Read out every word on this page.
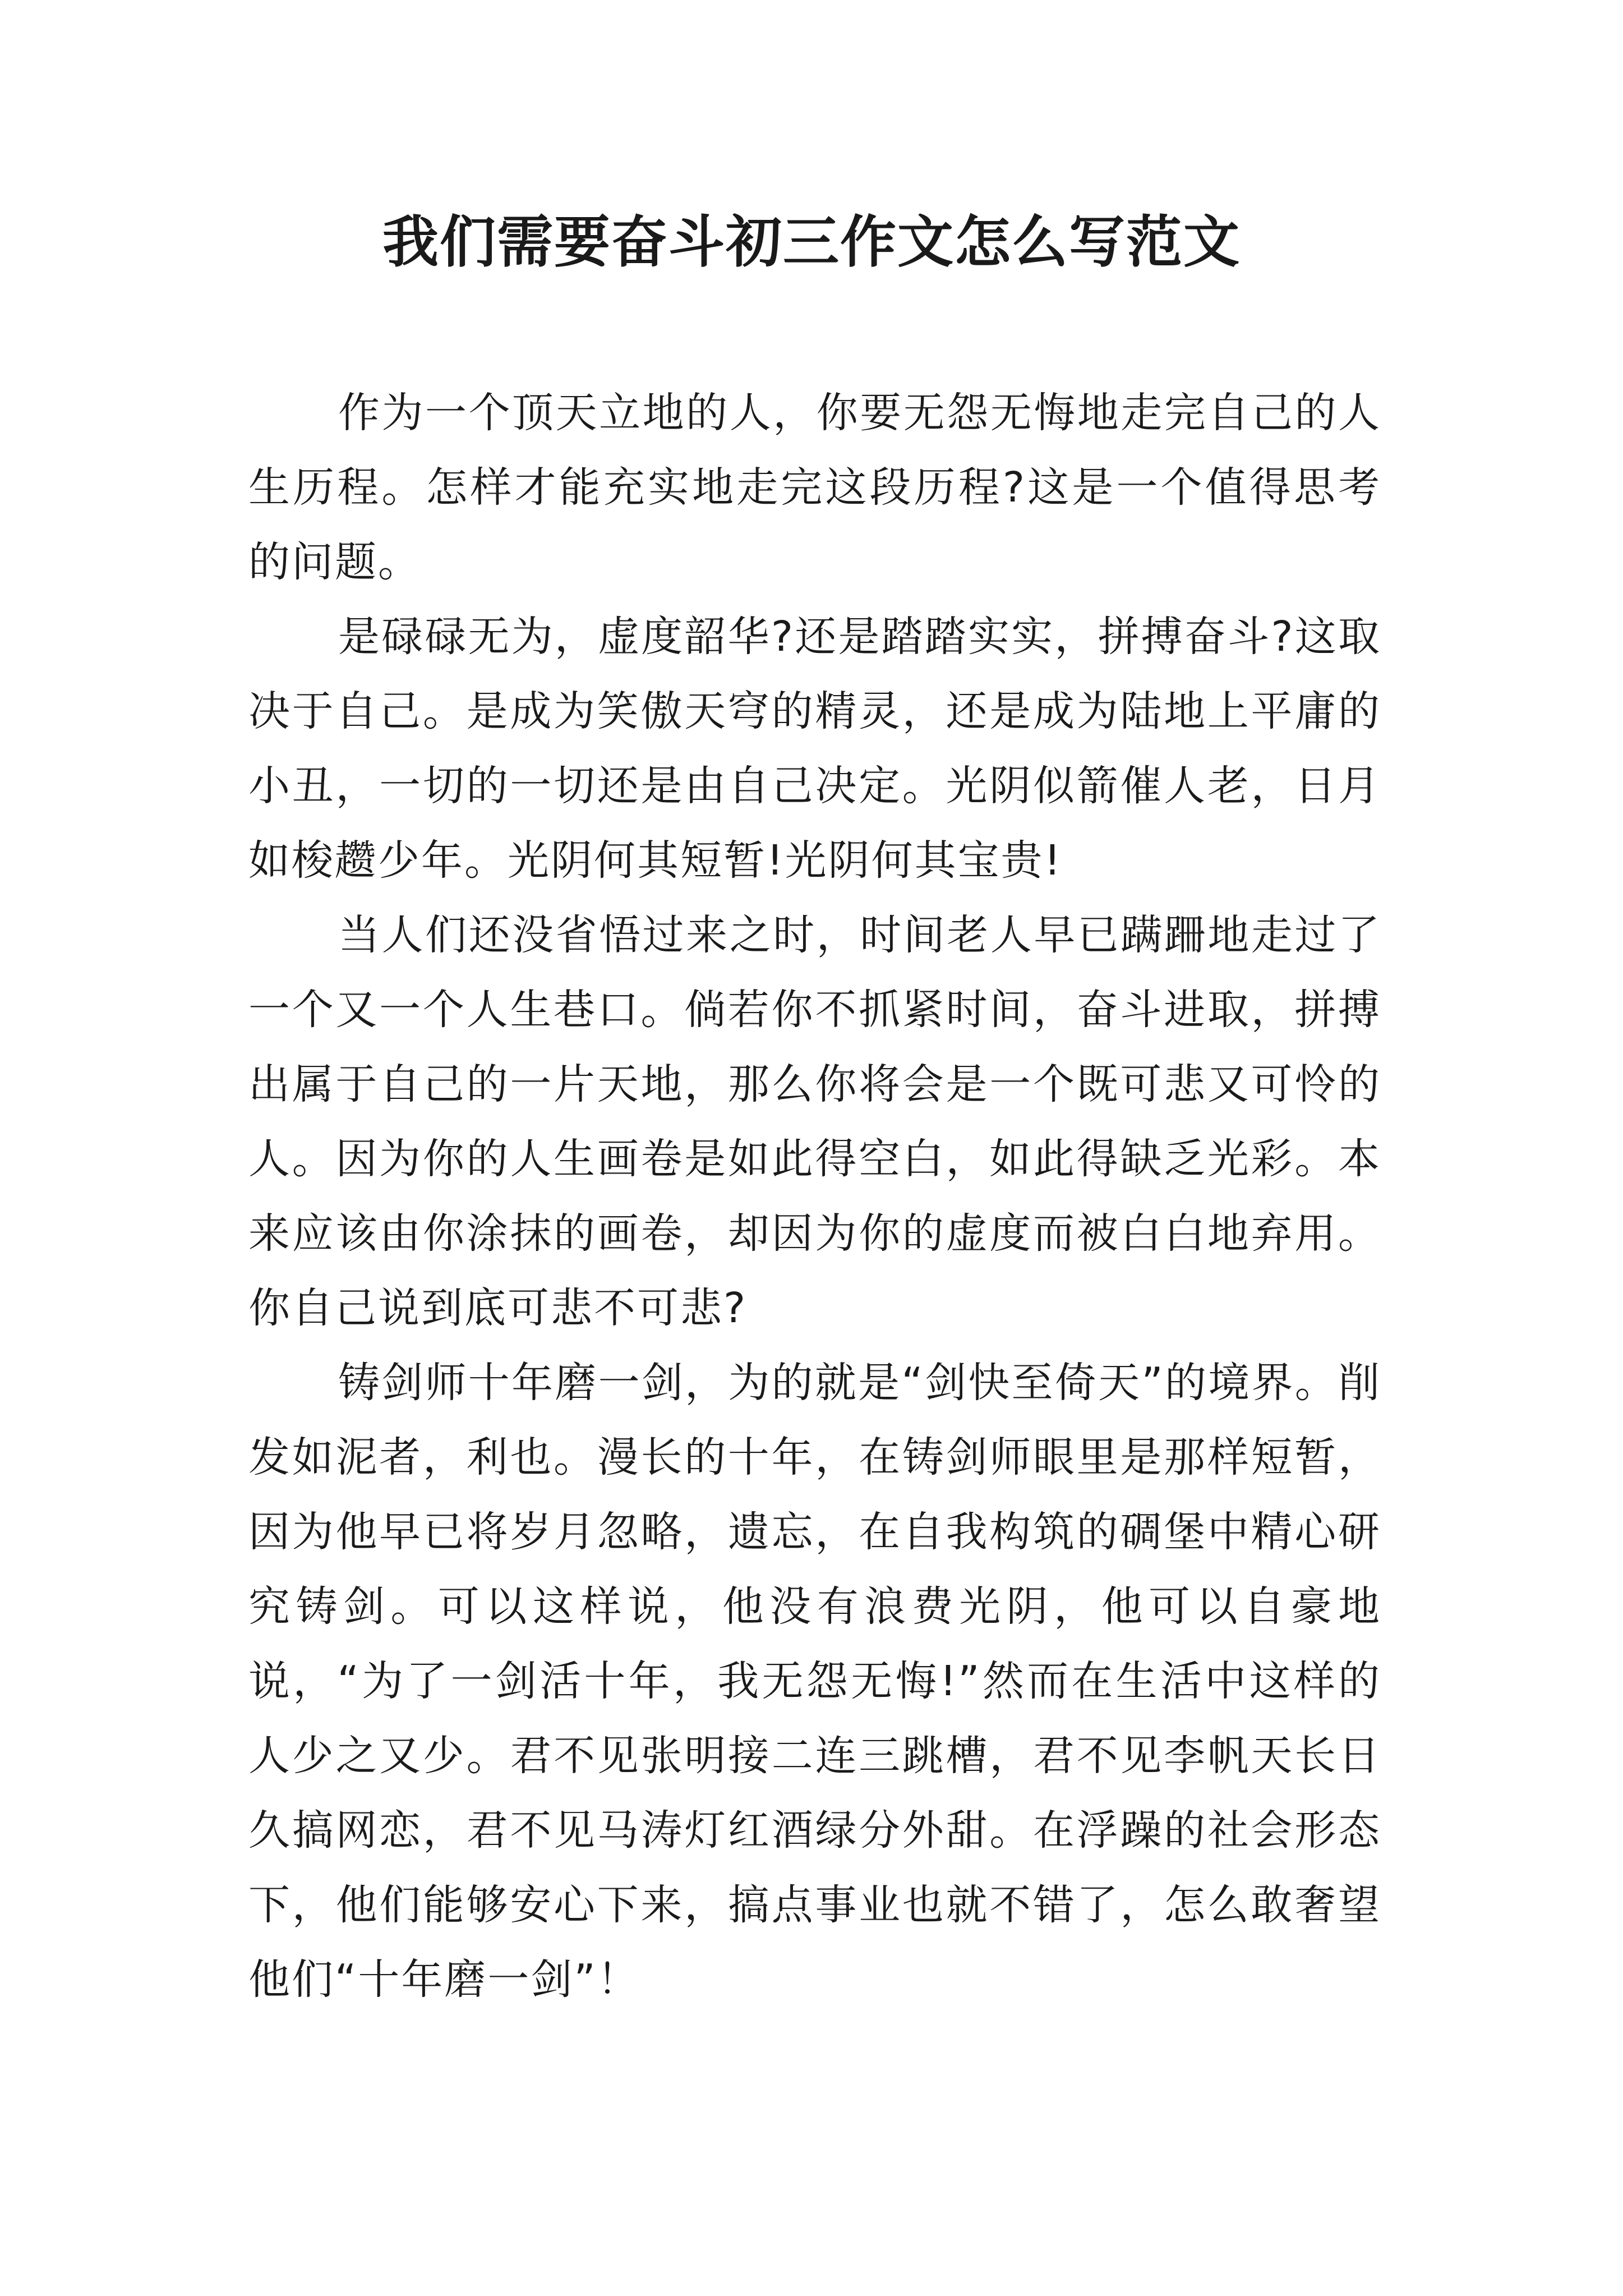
我们需要奋斗初三作文怎么写范文

作为一个顶天立地的人，你要无怨无悔地走完自己的人生历程。怎样才能充实地走完这段历程?这是一个值得思考的问题。

是碌碌无为，虚度韶华?还是踏踏实实，拼搏奋斗?这取决于自己。是成为笑傲天穹的精灵，还是成为陆地上平庸的小丑，一切的一切还是由自己决定。光阴似箭催人老，日月如梭趱少年。光阴何其短暂!光阴何其宝贵!

当人们还没省悟过来之时，时间老人早已蹒跚地走过了一个又一个人生巷口。倘若你不抓紧时间，奋斗进取，拼搏出属于自己的一片天地，那么你将会是一个既可悲又可怜的人。因为你的人生画卷是如此得空白，如此得缺乏光彩。本来应该由你涂抹的画卷，却因为你的虚度而被白白地弃用。你自己说到底可悲不可悲?

铸剑师十年磨一剑，为的就是“剑快至倚天”的境界。削发如泥者，利也。漫长的十年，在铸剑师眼里是那样短暂，因为他早已将岁月忽略，遗忘，在自我构筑的碉堡中精心研究铸剑。可以这样说，他没有浪费光阴，他可以自豪地说，“为了一剑活十年，我无怨无悔!”然而在生活中这样的人少之又少。君不见张明接二连三跳槽，君不见李帆天长日久搞网恋，君不见马涛灯红酒绿分外甜。在浮躁的社会形态下，他们能够安心下来，搞点事业也就不错了，怎么敢奢望他们“十年磨一剑”！
